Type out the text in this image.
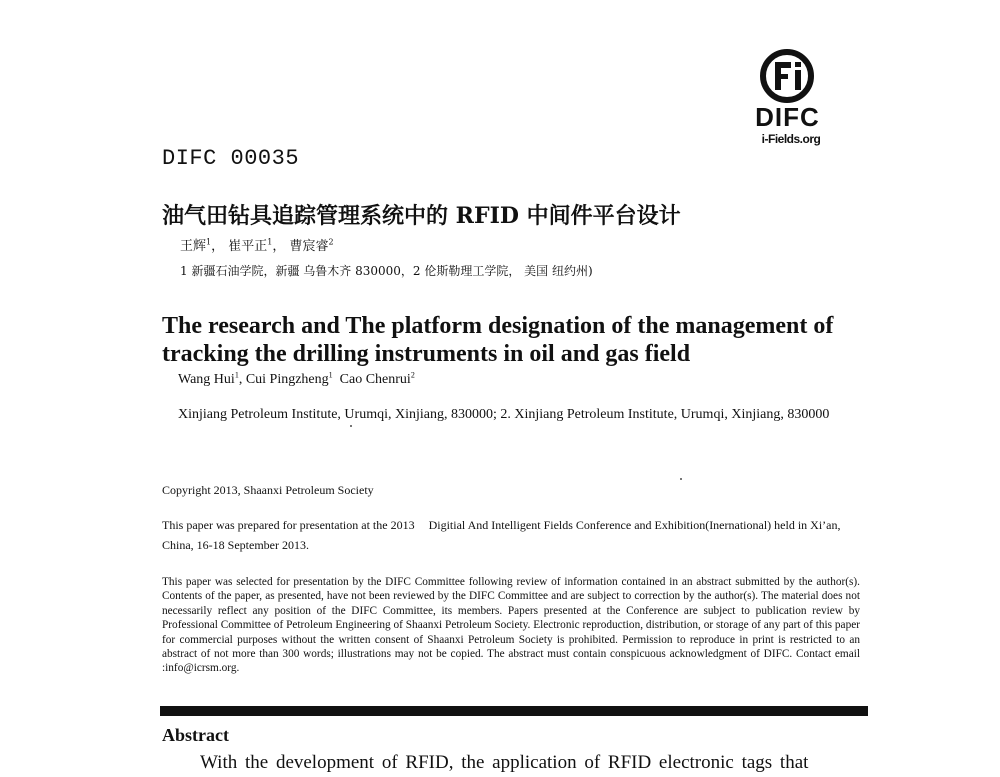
DIFC
i-Fields.org
DIFC 00035
油气田钻具追踪管理系统中的 RFID 中间件平台设计
王辉$^1$， 崔平正$^1$， 曹宸睿$^2$
1 新疆石油学院，新疆 乌鲁木齐 830000，2 伦斯勒理工学院， 美国 纽约州)
The research and The platform designation of the management of tracking the drilling instruments in oil and gas field
Wang Hui$^1$, Cui Pingzheng$^1$ Cao Chenrui$^2$
Xinjiang Petroleum Institute, Urumqi, Xinjiang, 830000; 2. Xinjiang Petroleum Institute, Urumqi, Xinjiang, 830000
Copyright 2013, Shaanxi Petroleum Society
This paper was prepared for presentation at the 2013 Digitial And Intelligent Fields Conference and Exhibition(Inernational) held in Xi’an, China, 16-18 September 2013.
This paper was selected for presentation by the DIFC Committee following review of information contained in an abstract submitted by the author(s). Contents of the paper, as presented, have not been reviewed by the DIFC Committee and are subject to correction by the author(s). The material does not necessarily reflect any position of the DIFC Committee, its members. Papers presented at the Conference are subject to publication review by Professional Committee of Petroleum Engineering of Shaanxi Petroleum Society. Electronic reproduction, distribution, or storage of any part of this paper for commercial purposes without the written consent of Shaanxi Petroleum Society is prohibited. Permission to reproduce in print is restricted to an abstract of not more than 300 words; illustrations may not be copied. The abstract must contain conspicuous acknowledgment of DIFC. Contact email :info@icrsm.org.
Abstract
With the development of RFID, the application of RFID electronic tags that
